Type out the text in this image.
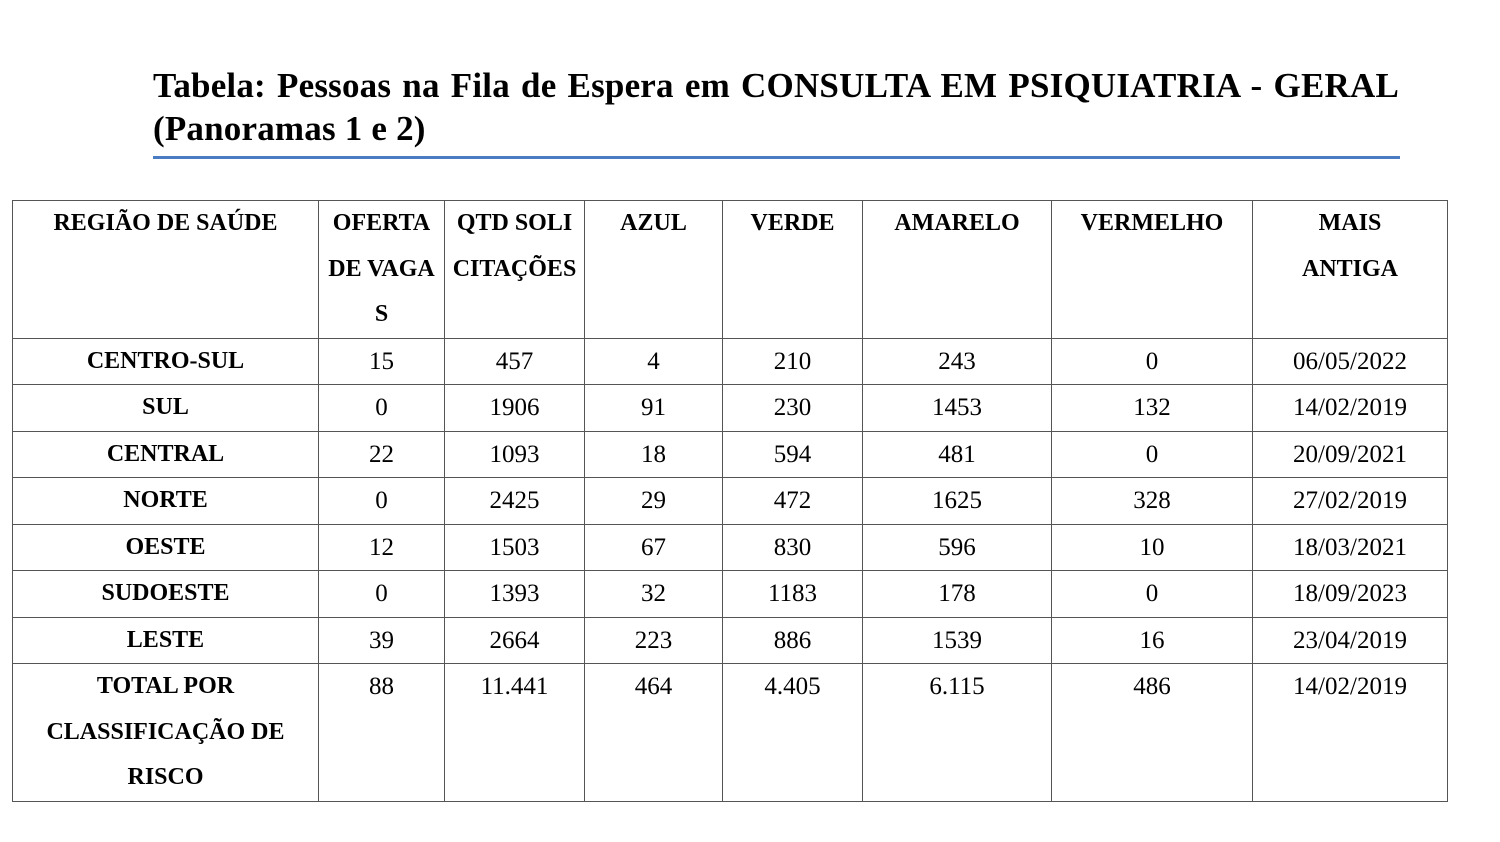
Tabela: Pessoas na Fila de Espera em CONSULTA EM PSIQUIATRIA - GERAL (Panoramas 1 e 2)
REGIÃO DE SAÚDE	OFERTA DE VAGAS	QTD SOLICITAÇÕES	AZUL	VERDE	AMARELO	VERMELHO	MAIS ANTIGA
CENTRO-SUL	15	457	4	210	243	0	06/05/2022
SUL	0	1906	91	230	1453	132	14/02/2019
CENTRAL	22	1093	18	594	481	0	20/09/2021
NORTE	0	2425	29	472	1625	328	27/02/2019
OESTE	12	1503	67	830	596	10	18/03/2021
SUDOESTE	0	1393	32	1183	178	0	18/09/2023
LESTE	39	2664	223	886	1539	16	23/04/2019
TOTAL POR CLASSIFICAÇÃO DE RISCO	88	11.441	464	4.405	6.115	486	14/02/2019
